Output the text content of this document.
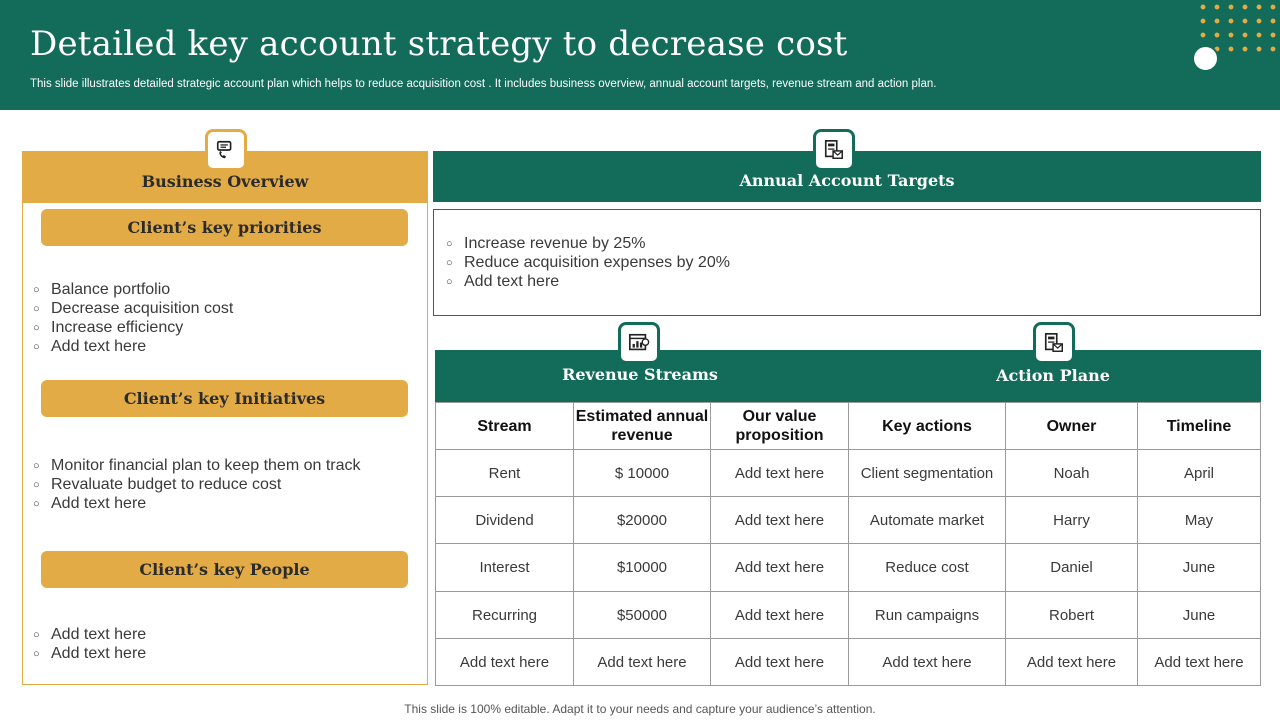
Detailed key account strategy to decrease cost
This slide illustrates detailed strategic account plan which helps to reduce acquisition cost . It includes business overview, annual account targets, revenue stream and action plan.
Business Overview
Client’s key priorities
○ Balance portfolio
○ Decrease acquisition cost
○ Increase efficiency
○ Add text here
Client’s key Initiatives
○ Monitor financial plan to keep them on track
○ Revaluate budget to reduce cost
○ Add text here
Client’s key People
○ Add text here
○ Add text here
Annual Account Targets
○ Increase revenue by 25%
○ Reduce acquisition expenses by 20%
○ Add text here
Revenue Streams	Action Plane
Stream	Estimated annual revenue	Our value proposition	Key actions	Owner	Timeline
Rent	$ 10000	Add text here	Client segmentation	Noah	April
Dividend	$20000	Add text here	Automate market	Harry	May
Interest	$10000	Add text here	Reduce cost	Daniel	June
Recurring	$50000	Add text here	Run campaigns	Robert	June
Add text here	Add text here	Add text here	Add text here	Add text here	Add text here
This slide is 100% editable. Adapt it to your needs and capture your audience’s attention.
